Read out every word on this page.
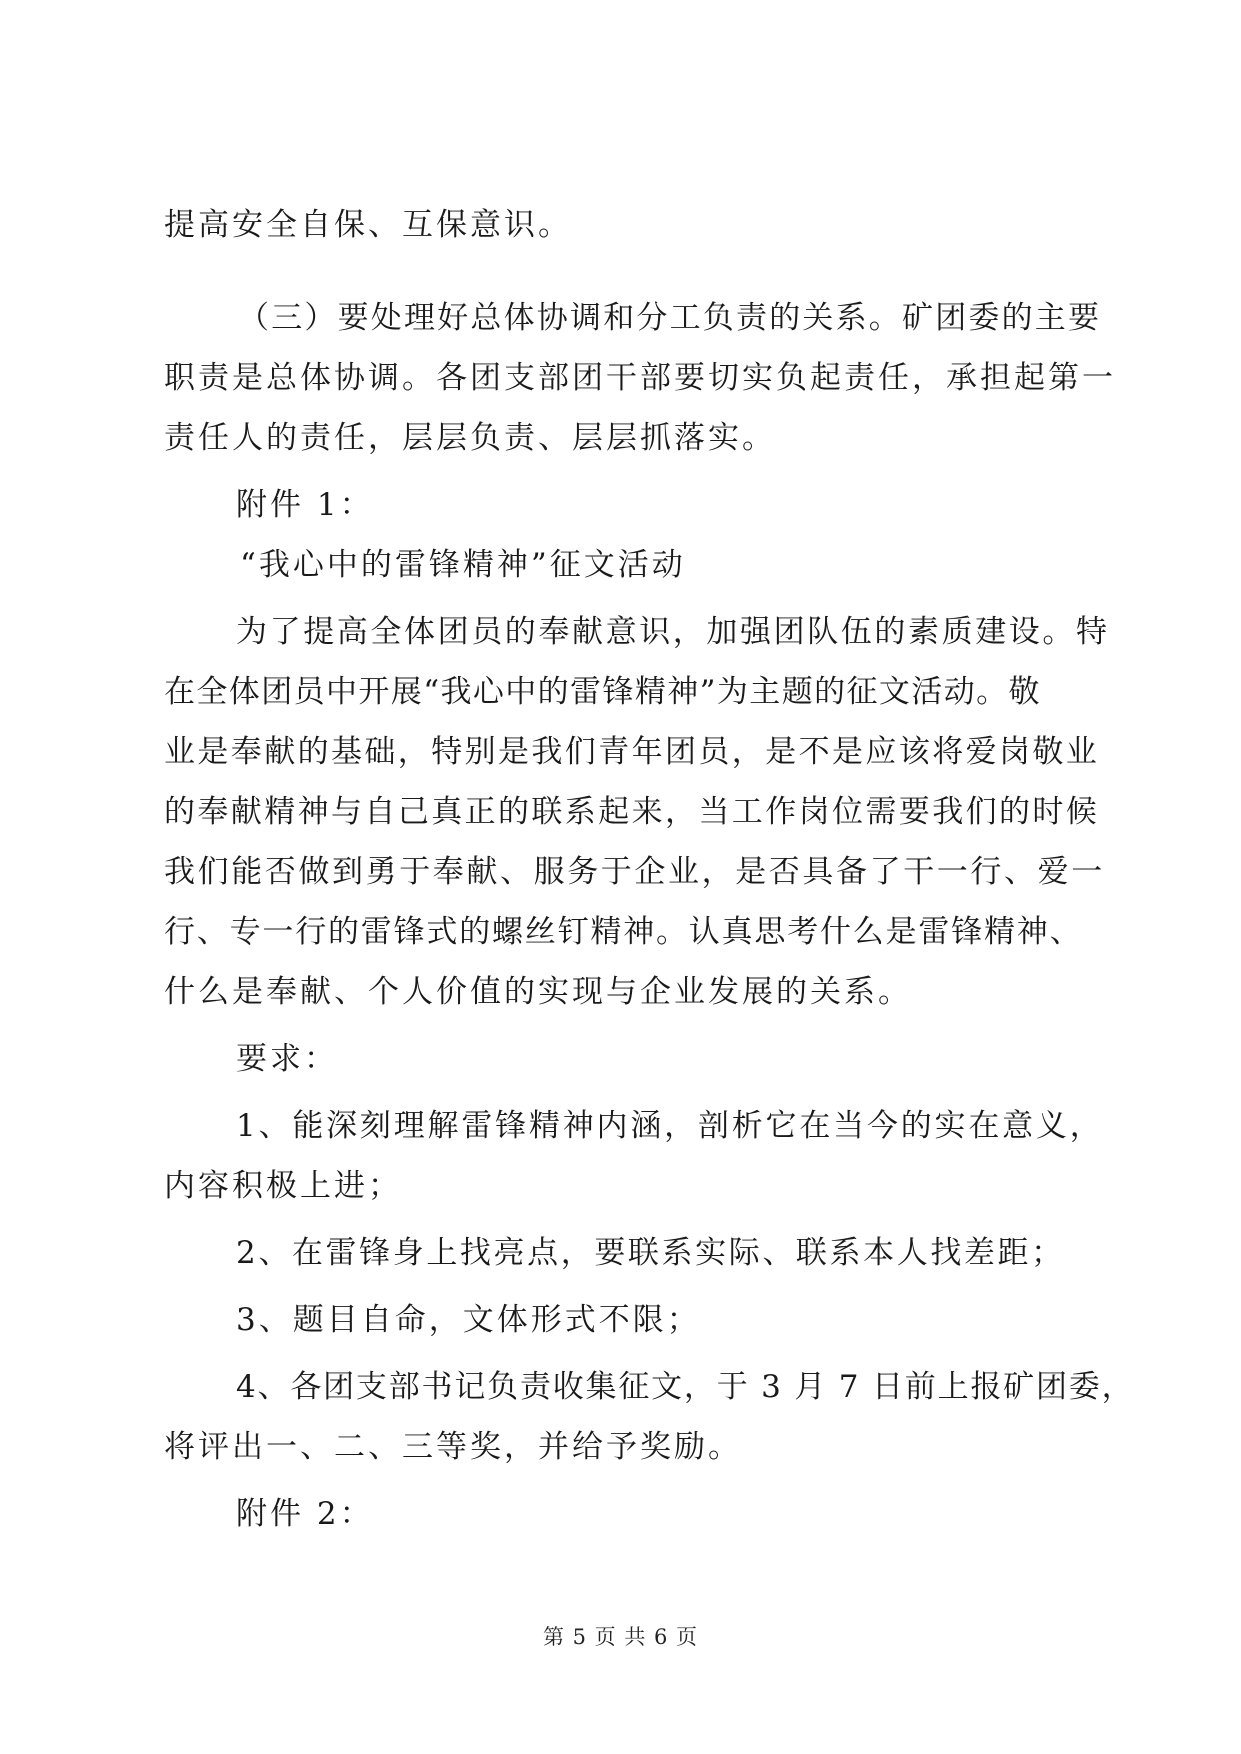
提高安全自保、互保意识。
（三）要处理好总体协调和分工负责的关系。矿团委的主要
职责是总体协调。各团支部团干部要切实负起责任，承担起第一
责任人的责任，层层负责、层层抓落实。
附件 1：
“我心中的雷锋精神”征文活动
为了提高全体团员的奉献意识，加强团队伍的素质建设。特
在全体团员中开展“我心中的雷锋精神”为主题的征文活动。敬
业是奉献的基础，特别是我们青年团员，是不是应该将爱岗敬业
的奉献精神与自己真正的联系起来，当工作岗位需要我们的时候
我们能否做到勇于奉献、服务于企业，是否具备了干一行、爱一
行、专一行的雷锋式的螺丝钉精神。认真思考什么是雷锋精神、
什么是奉献、个人价值的实现与企业发展的关系。
要求：
1、能深刻理解雷锋精神内涵，剖析它在当今的实在意义，
内容积极上进；
2、在雷锋身上找亮点，要联系实际、联系本人找差距；
3、题目自命，文体形式不限；
4、各团支部书记负责收集征文，于 3 月 7 日前上报矿团委，
将评出一、二、三等奖，并给予奖励。
附件 2：
第 5 页 共 6 页
